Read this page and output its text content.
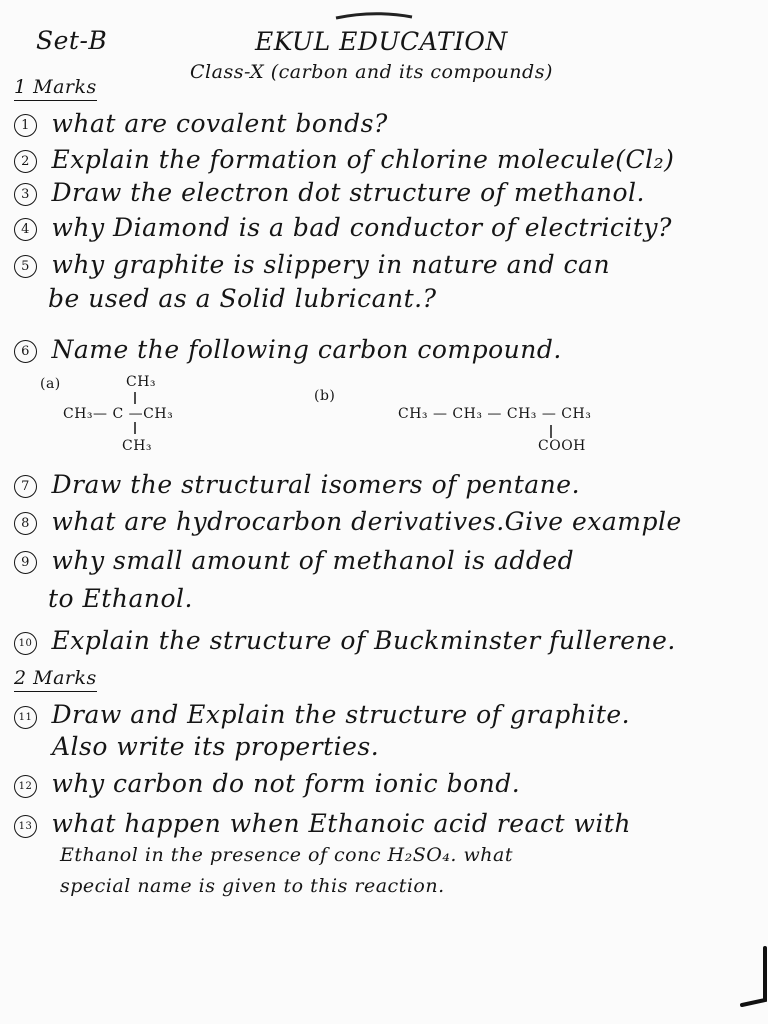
Set-B	EKUL EDUCATION
Class-X (carbon and its compounds)
1 Marks
1 what are covalent bonds?
2 Explain the formation of chlorine molecule(Cl₂)
3 Draw the electron dot structure of methanol.
4 why Diamond is a bad conductor of electricity?
5 why graphite is slippery in nature and can
be used as a Solid lubricant.?
6 Name the following carbon compound.
(a)	CH₃
CH₃— C —CH₃
CH₃
(b)
CH₃ — CH₃ — CH₃ — CH₃
COOH
7 Draw the structural isomers of pentane.
8 what are hydrocarbon derivatives.Give example
9 why small amount of methanol is added
to Ethanol.
10 Explain the structure of Buckminster fullerene.
2 Marks
11 Draw and Explain the structure of graphite.
Also write its properties.
12 why carbon do not form ionic bond.
13 what happen when Ethanoic acid react with
Ethanol in the presence of conc H₂SO₄. what
special name is given to this reaction.
